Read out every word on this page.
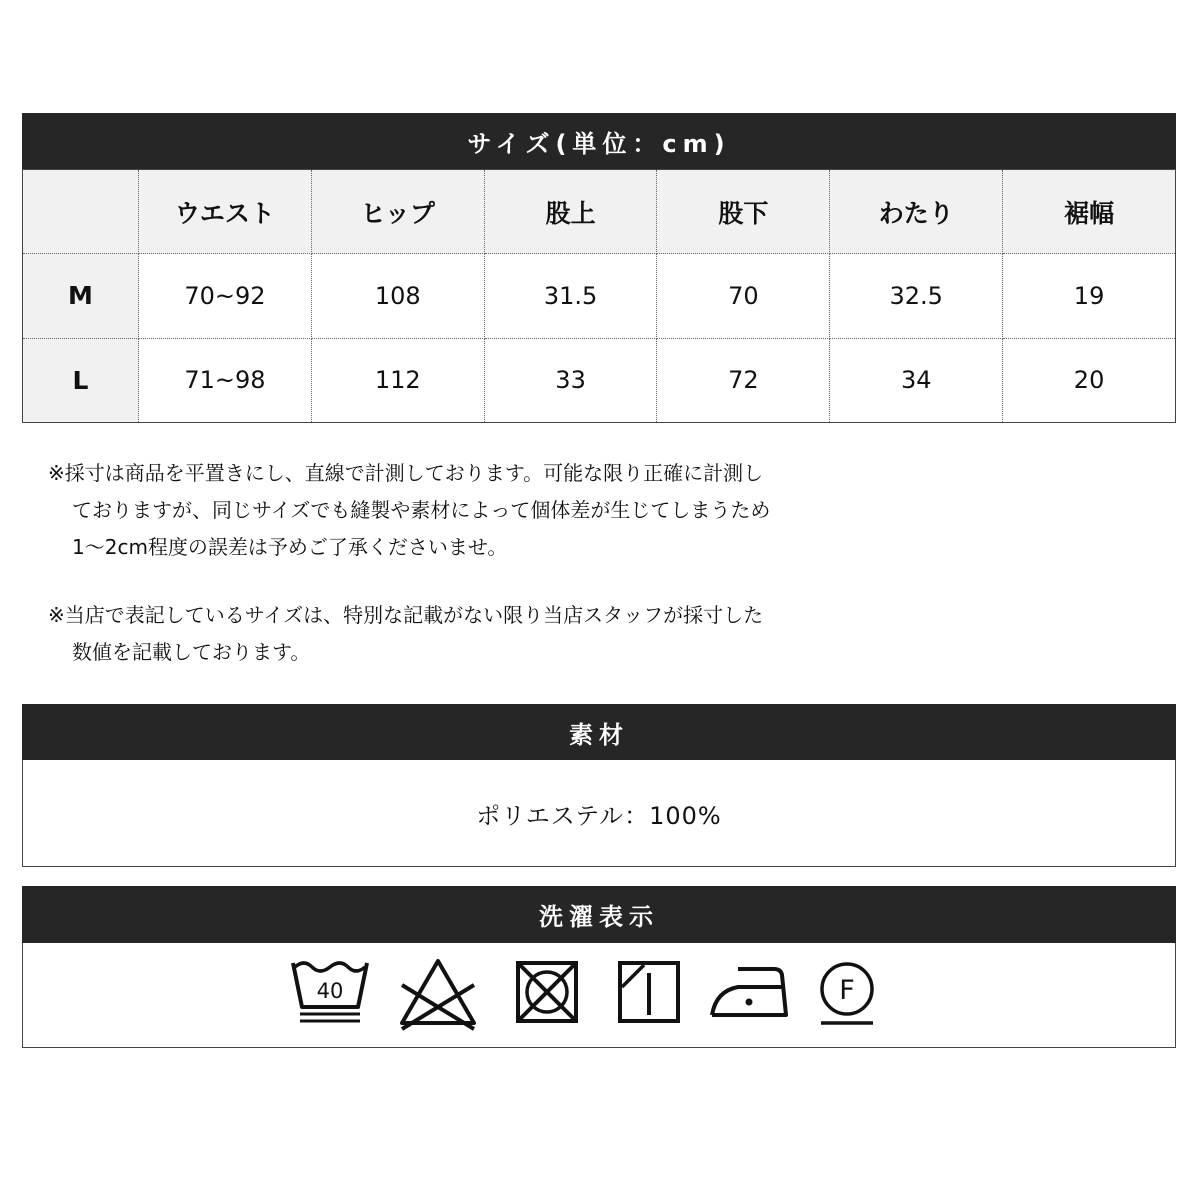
サイズ(単位：cm)
	ウエスト	ヒップ	股上	股下	わたり	裾幅
M	70~92	108	31.5	70	32.5	19
L	71~98	112	33	72	34	20

※採寸は商品を平置きにし、直線で計測しております。可能な限り正確に計測し
ておりますが、同じサイズでも縫製や素材によって個体差が生じてしまうため
1〜2cm程度の誤差は予めご了承くださいませ。

※当店で表記しているサイズは、特別な記載がない限り当店スタッフが採寸した
数値を記載しております。

素材
ポリエステル：100%
洗濯表示
40	F
